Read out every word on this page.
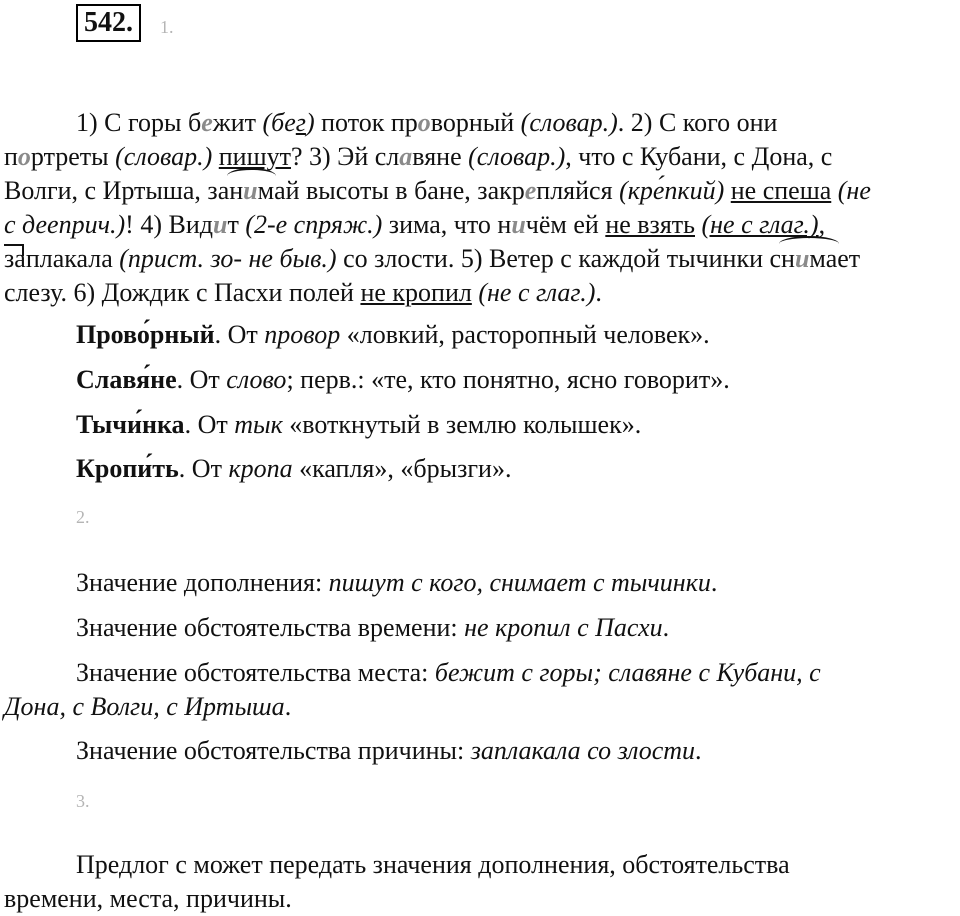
542.	1.
1) С горы бежит (бег) поток проворный (словар.). 2) С кого они
портреты (словар.) пишут? 3) Эй славяне (словар.), что с Кубани, с Дона, с
Волги, с Иртыша, занимай высоты в бане, закрепляйся (кре́пкий) не спеша (не
с дееприч.)! 4) Видит (2-е спряж.) зима, что ничём ей не взять (не с глаг.),
заплакала (прист. зо- не быв.) со злости. 5) Ветер с каждой тычинки снимает
слезу. 6) Дождик с Пасхи полей не кропил (не с глаг.).
Прово́рный. От провор «ловкий, расторопный человек».
Славя́не. От слово; перв.: «те, кто понятно, ясно говорит».
Тычи́нка. От тык «воткнутый в землю колышек».
Кропи́ть. От кропа «капля», «брызги».
2.
Значение дополнения: пишут с кого, снимает с тычинки.
Значение обстоятельства времени: не кропил с Пасхи.
Значение обстоятельства места: бежит с горы; славяне с Кубани, с
Дона, с Волги, с Иртыша.
Значение обстоятельства причины: заплакала со злости.
3.
Предлог с может передать значения дополнения, обстоятельства
времени, места, причины.
